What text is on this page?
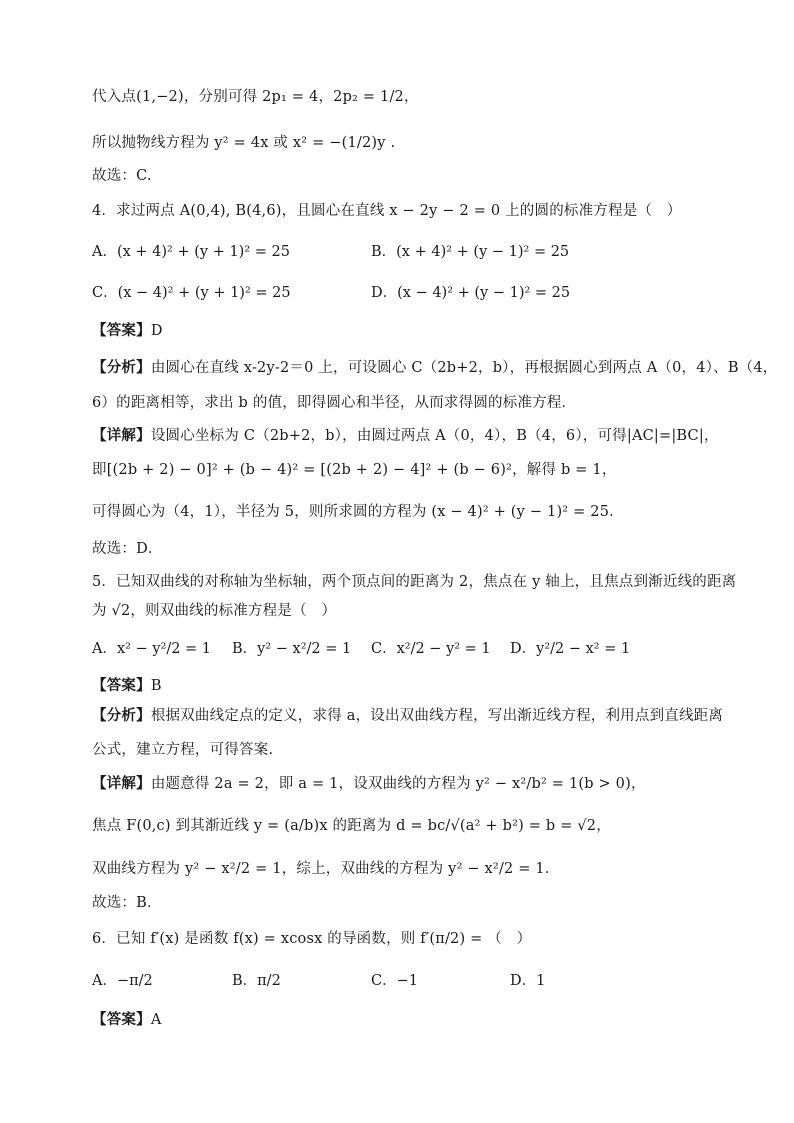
代入点(1,−2)，分别可得 2p₁ = 4，2p₂ = 1/2，
所以抛物线方程为 y² = 4x 或 x² = −(1/2)y .
故选：C.
4．求过两点 A(0,4), B(4,6)，且圆心在直线 x − 2y − 2 = 0 上的圆的标准方程是（　）
A．(x + 4)² + (y + 1)² = 25	B．(x + 4)² + (y − 1)² = 25
C．(x − 4)² + (y + 1)² = 25	D．(x − 4)² + (y − 1)² = 25
【答案】D
【分析】由圆心在直线 x-2y-2＝0 上，可设圆心 C（2b+2，b），再根据圆心到两点 A（0，4）、B（4，
6）的距离相等，求出 b 的值，即得圆心和半径，从而求得圆的标准方程．
【详解】设圆心坐标为 C（2b+2，b），由圆过两点 A（0，4），B（4，6），可得|AC|=|BC|，
即[(2b + 2) − 0]² + (b − 4)² = [(2b + 2) − 4]² + (b − 6)²，解得 b = 1，
可得圆心为（4，1），半径为 5，则所求圆的方程为 (x − 4)² + (y − 1)² = 25．
故选：D．
5．已知双曲线的对称轴为坐标轴，两个顶点间的距离为 2，焦点在 y 轴上，且焦点到渐近线的距离
为 √2，则双曲线的标准方程是（　）
A．x² − y²/2 = 1 B．y² − x²/2 = 1 C．x²/2 − y² = 1 D．y²/2 − x² = 1
【答案】B
【分析】根据双曲线定点的定义，求得 a，设出双曲线方程，写出渐近线方程，利用点到直线距离
公式，建立方程，可得答案.
【详解】由题意得 2a = 2，即 a = 1，设双曲线的方程为 y² − x²/b² = 1(b > 0)，
焦点 F(0,c) 到其渐近线 y = (a/b)x 的距离为 d = bc/√(a² + b²) = b = √2，
双曲线方程为 y² − x²/2 = 1，综上，双曲线的方程为 y² − x²/2 = 1．
故选：B．
6．已知 f′(x) 是函数 f(x) = xcosx 的导函数，则 f′(π/2) = （　）
A．−π/2	B．π/2	C．−1	D．1
【答案】A
